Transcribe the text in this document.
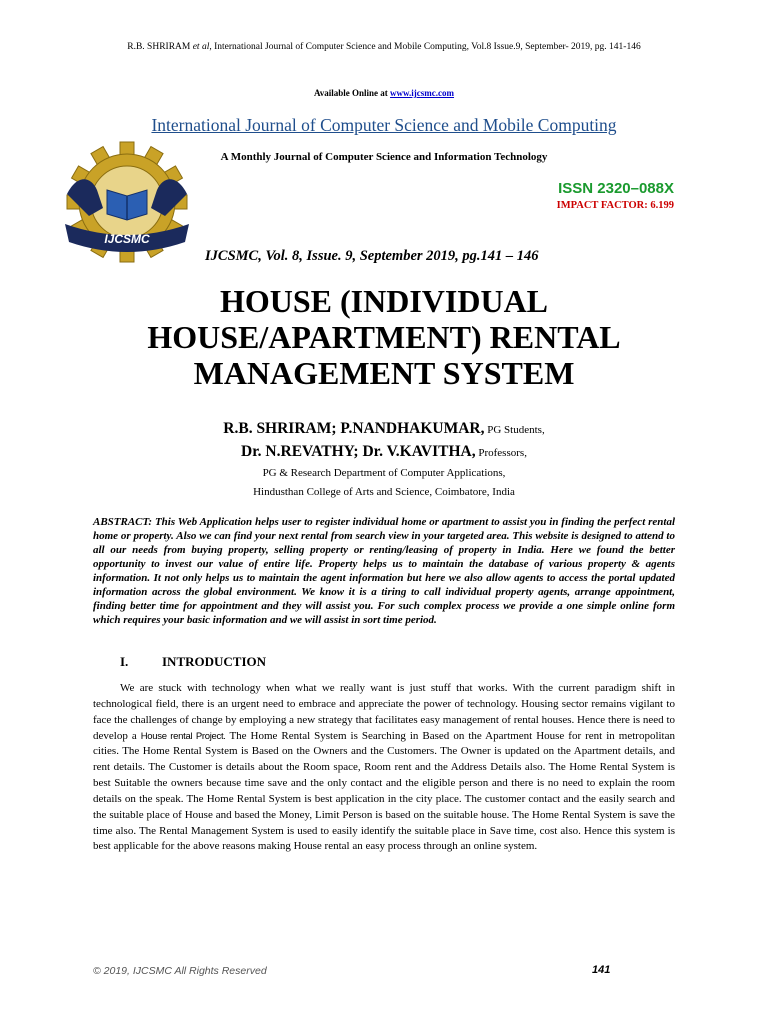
R.B. SHRIRAM et al, International Journal of Computer Science and Mobile Computing, Vol.8 Issue.9, September- 2019, pg. 141-146
Available Online at www.ijcsmc.com
International Journal of Computer Science and Mobile Computing
A Monthly Journal of Computer Science and Information Technology
ISSN 2320–088X
IMPACT FACTOR: 6.199
IJCSMC
IJCSMC, Vol. 8, Issue. 9, September 2019, pg.141 – 146
HOUSE (INDIVIDUAL HOUSE/APARTMENT) RENTAL MANAGEMENT SYSTEM
R.B. SHRIRAM; P.NANDHAKUMAR, PG Students,
Dr. N.REVATHY; Dr. V.KAVITHA, Professors,
PG & Research Department of Computer Applications,
Hindusthan College of Arts and Science, Coimbatore, India
ABSTRACT: This Web Application helps user to register individual home or apartment to assist you in finding the perfect rental home or property. Also we can find your next rental from search view in your targeted area. This website is designed to attend to all our needs from buying property, selling property or renting/leasing of property in India. Here we found the better opportunity to invest our value of entire life. Property helps us to maintain the database of various property & agents information. It not only helps us to maintain the agent information but here we also allow agents to access the portal updated information across the global environment. We know it is a tiring to call individual property agents, arrange appointment, finding better time for appointment and they will assist you. For such complex process we provide a one simple online form which requires your basic information and we will assist in sort time period.
I.	INTRODUCTION
We are stuck with technology when what we really want is just stuff that works. With the current paradigm shift in technological field, there is an urgent need to embrace and appreciate the power of technology. Housing sector remains vigilant to face the challenges of change by employing a new strategy that facilitates easy management of rental houses. Hence there is need to develop a House rental Project. The Home Rental System is Searching in Based on the Apartment House for rent in metropolitan cities. The Home Rental System is Based on the Owners and the Customers. The Owner is updated on the Apartment details, and rent details. The Customer is details about the Room space, Room rent and the Address Details also. The Home Rental System is best Suitable the owners because time save and the only contact and the eligible person and there is no need to explain the room details on the speak. The Home Rental System is best application in the city place. The customer contact and the easily search and the suitable place of House and based the Money, Limit Person is based on the suitable house. The Home Rental System is save the time also. The Rental Management System is used to easily identify the suitable place in Save time, cost also. Hence this system is best applicable for the above reasons making House rental an easy process through an online system.
© 2019, IJCSMC All Rights Reserved	141
